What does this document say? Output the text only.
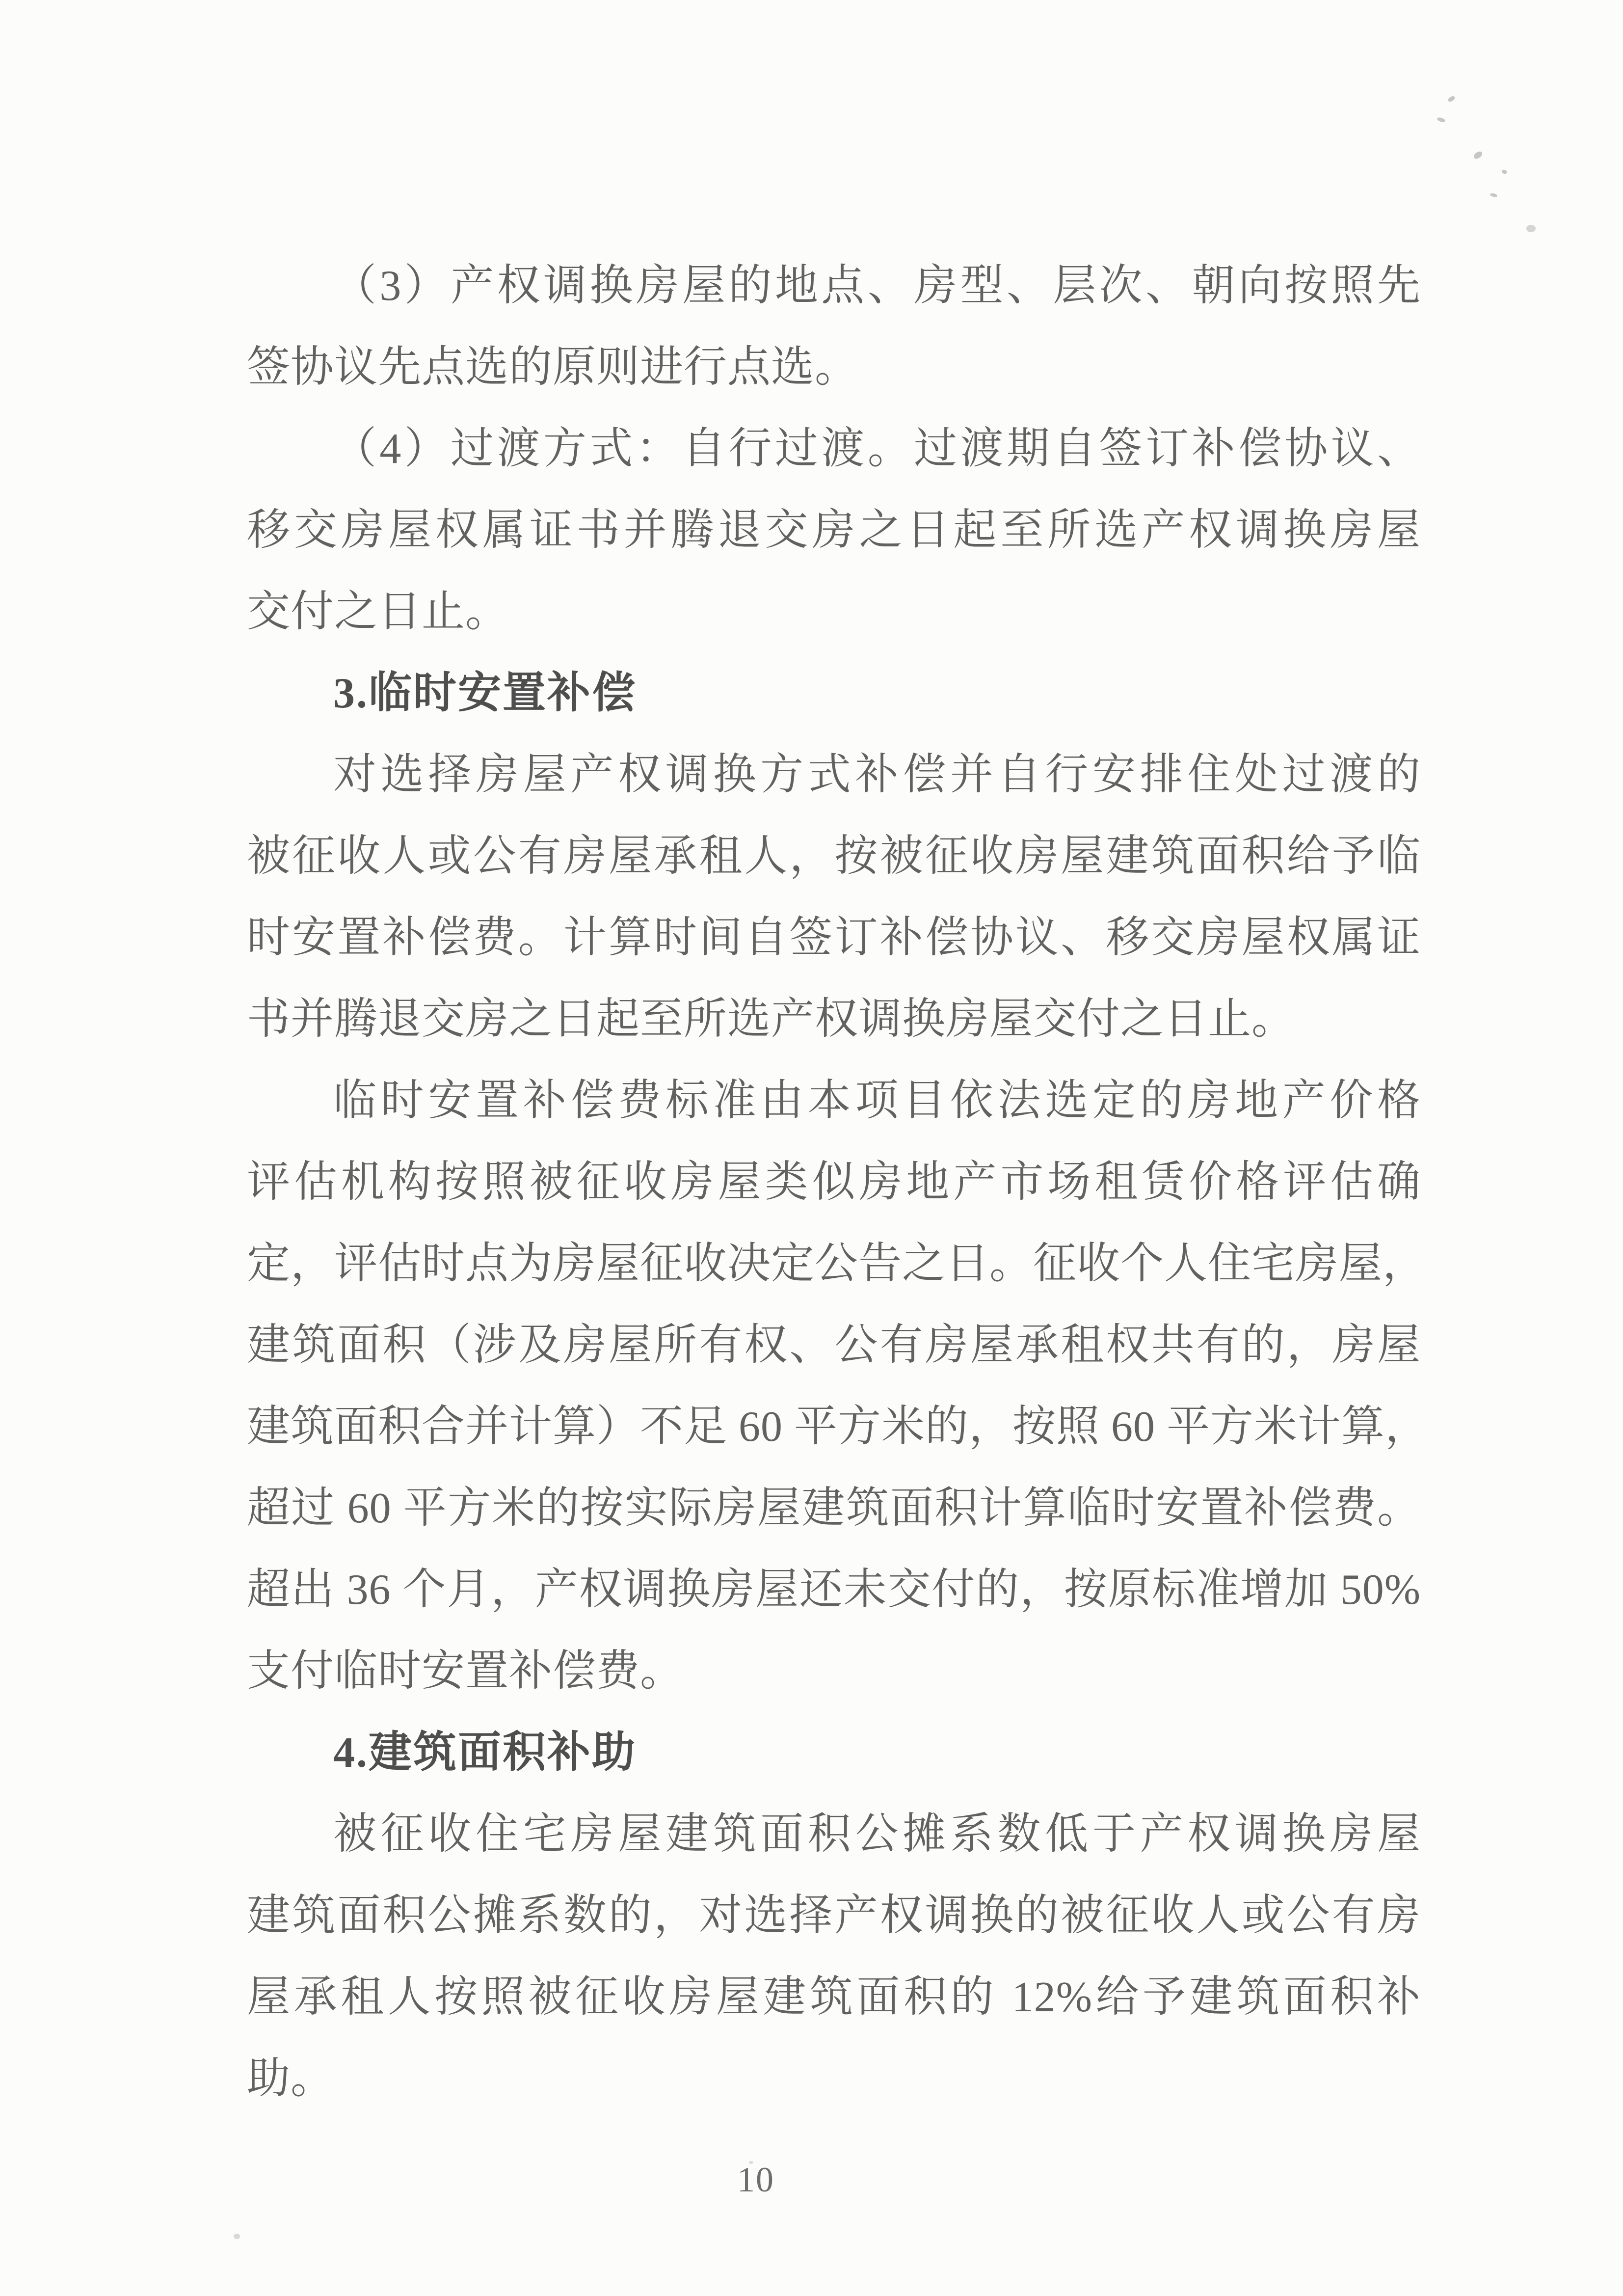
（3）产权调换房屋的地点、房型、层次、朝向按照先
签协议先点选的原则进行点选。
（4）过渡方式：自行过渡。过渡期自签订补偿协议、
移交房屋权属证书并腾退交房之日起至所选产权调换房屋
交付之日止。
3.临时安置补偿
对选择房屋产权调换方式补偿并自行安排住处过渡的
被征收人或公有房屋承租人，按被征收房屋建筑面积给予临
时安置补偿费。计算时间自签订补偿协议、移交房屋权属证
书并腾退交房之日起至所选产权调换房屋交付之日止。
临时安置补偿费标准由本项目依法选定的房地产价格
评估机构按照被征收房屋类似房地产市场租赁价格评估确
定，评估时点为房屋征收决定公告之日。征收个人住宅房屋，
建筑面积（涉及房屋所有权、公有房屋承租权共有的，房屋
建筑面积合并计算）不足 60 平方米的，按照 60 平方米计算，
超过 60 平方米的按实际房屋建筑面积计算临时安置补偿费。
超出 36 个月，产权调换房屋还未交付的，按原标准增加 50%
支付临时安置补偿费。
4.建筑面积补助
被征收住宅房屋建筑面积公摊系数低于产权调换房屋
建筑面积公摊系数的，对选择产权调换的被征收人或公有房
屋承租人按照被征收房屋建筑面积的 12%给予建筑面积补
助。
10
